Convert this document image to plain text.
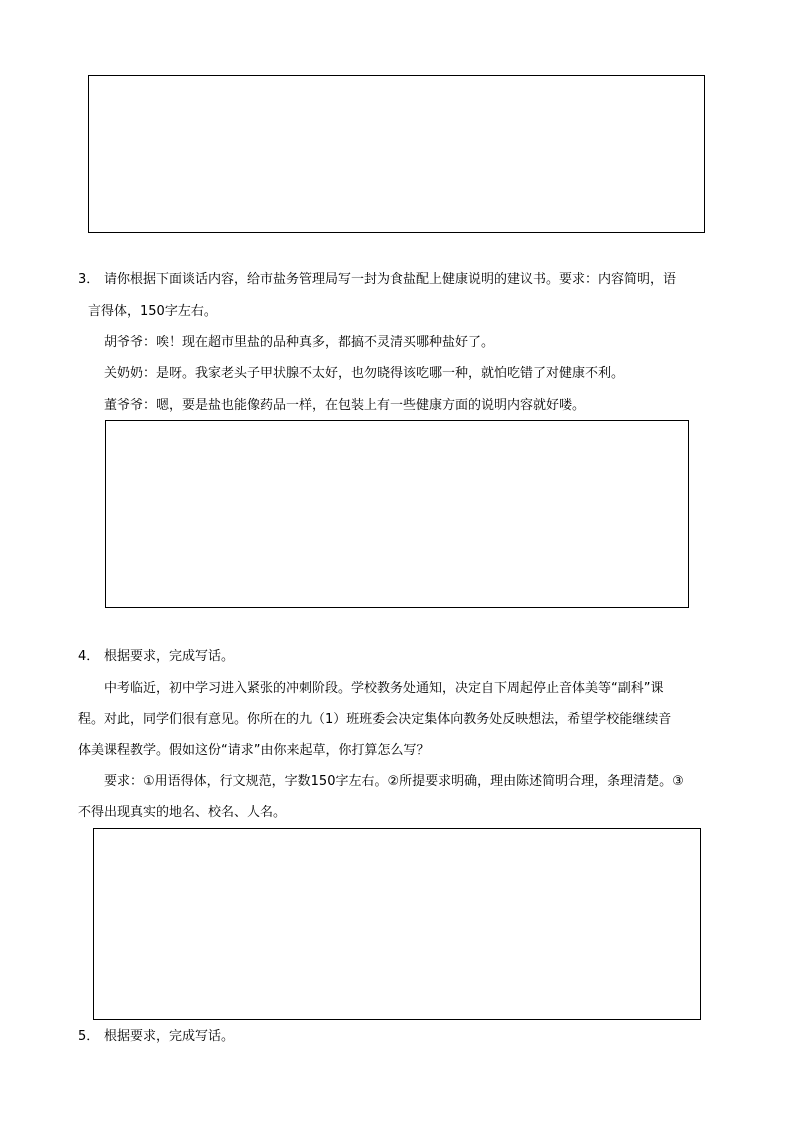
3． 请你根据下面谈话内容，给市盐务管理局写一封为食盐配上健康说明的建议书。要求：内容简明，语
言得体，150字左右。
胡爷爷：唉！现在超市里盐的品种真多，都搞不灵清买哪种盐好了。
关奶奶：是呀。我家老头子甲状腺不太好，也勿晓得该吃哪一种，就怕吃错了对健康不利。
董爷爷：嗯，要是盐也能像药品一样，在包装上有一些健康方面的说明内容就好喽。
4． 根据要求，完成写话。
中考临近，初中学习进入紧张的冲刺阶段。学校教务处通知，决定自下周起停止音体美等“副科”课
程。对此，同学们很有意见。你所在的九（1）班班委会决定集体向教务处反映想法，希望学校能继续音
体美课程教学。假如这份“请求”由你来起草，你打算怎么写？
要求：①用语得体，行文规范，字数150字左右。②所提要求明确，理由陈述简明合理，条理清楚。③
不得出现真实的地名、校名、人名。
5． 根据要求，完成写话。
